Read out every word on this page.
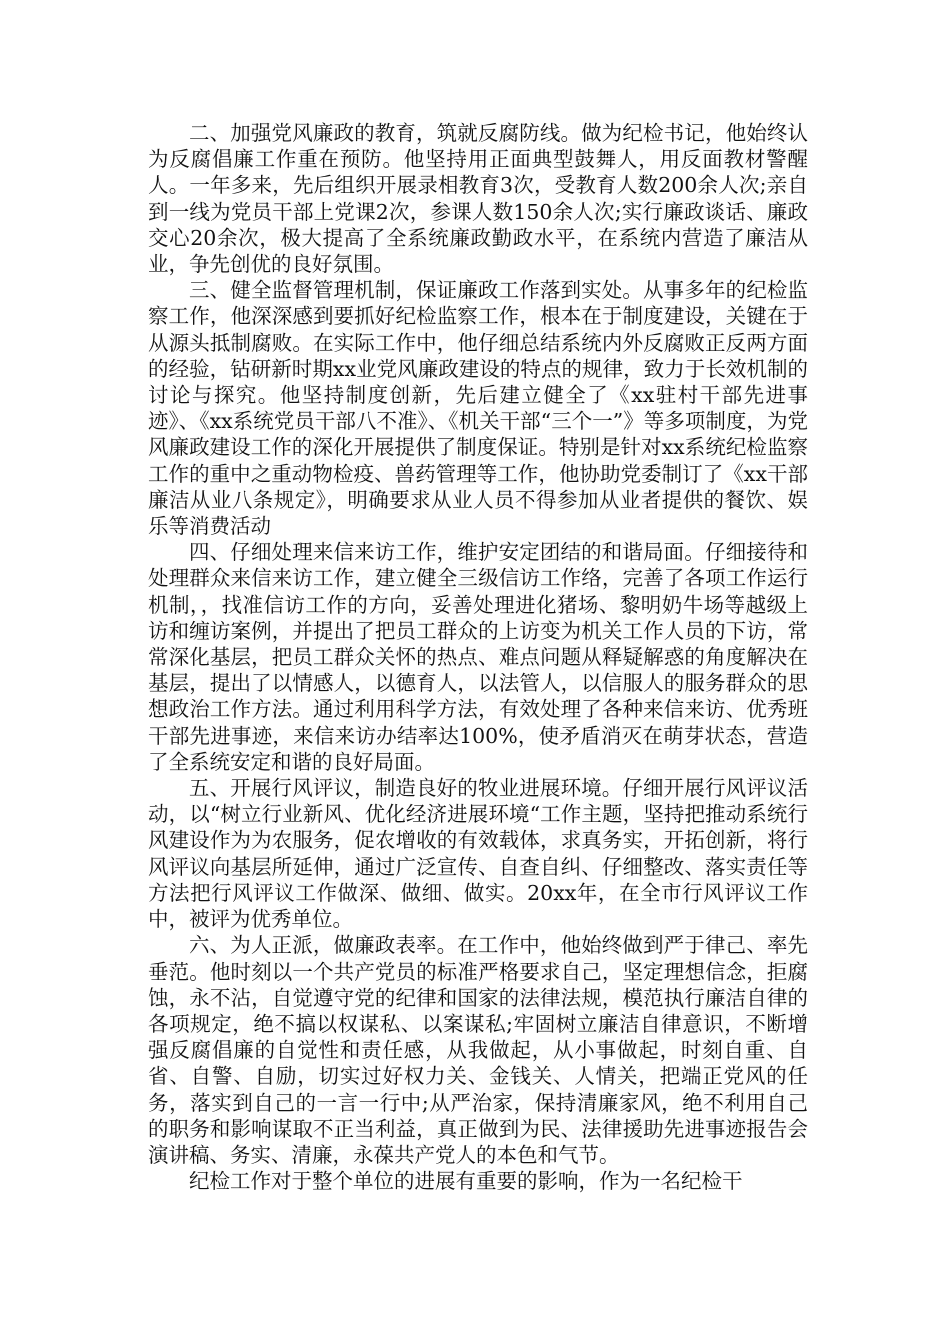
二、加强党风廉政的教育，筑就反腐防线。做为纪检书记，他始终认为反腐倡廉工作重在预防。他坚持用正面典型鼓舞人，用反面教材警醒人。一年多来，先后组织开展录相教育3次，受教育人数200余人次;亲自到一线为党员干部上党课2次，参课人数150余人次;实行廉政谈话、廉政交心20余次，极大提高了全系统廉政勤政水平，在系统内营造了廉洁从业，争先创优的良好氛围。

三、健全监督管理机制，保证廉政工作落到实处。从事多年的纪检监察工作，他深深感到要抓好纪检监察工作，根本在于制度建设，关键在于从源头抵制腐败。在实际工作中，他仔细总结系统内外反腐败正反两方面的经验，钻研新时期xx业党风廉政建设的特点的规律，致力于长效机制的讨论与探究。他坚持制度创新，先后建立健全了《xx驻村干部先进事迹》、《xx系统党员干部八不准》、《机关干部“三个一”》等多项制度，为党风廉政建设工作的深化开展提供了制度保证。特别是针对xx系统纪检监察工作的重中之重动物检疫、兽药管理等工作，他协助党委制订了《xx干部廉洁从业八条规定》，明确要求从业人员不得参加从业者提供的餐饮、娱乐等消费活动

四、仔细处理来信来访工作，维护安定团结的和谐局面。仔细接待和处理群众来信来访工作，建立健全三级信访工作络，完善了各项工作运行机制，，找准信访工作的方向，妥善处理进化猪场、黎明奶牛场等越级上访和缠访案例，并提出了把员工群众的上访变为机关工作人员的下访，常常深化基层，把员工群众关怀的热点、难点问题从释疑解惑的角度解决在基层，提出了以情感人，以德育人，以法管人，以信服人的服务群众的思想政治工作方法。通过利用科学方法，有效处理了各种来信来访、优秀班干部先进事迹，来信来访办结率达100%，使矛盾消灭在萌芽状态，营造了全系统安定和谐的良好局面。

五、开展行风评议，制造良好的牧业进展环境。仔细开展行风评议活动，以“树立行业新风、优化经济进展环境“工作主题，坚持把推动系统行风建设作为为农服务，促农增收的有效载体，求真务实，开拓创新，将行风评议向基层所延伸，通过广泛宣传、自查自纠、仔细整改、落实责任等方法把行风评议工作做深、做细、做实。20xx年，在全市行风评议工作中，被评为优秀单位。

六、为人正派，做廉政表率。在工作中，他始终做到严于律己、率先垂范。他时刻以一个共产党员的标准严格要求自己，坚定理想信念，拒腐蚀，永不沾，自觉遵守党的纪律和国家的法律法规，模范执行廉洁自律的各项规定，绝不搞以权谋私、以案谋私;牢固树立廉洁自律意识，不断增强反腐倡廉的自觉性和责任感，从我做起，从小事做起，时刻自重、自省、自警、自励，切实过好权力关、金钱关、人情关，把端正党风的任务，落实到自己的一言一行中;从严治家，保持清廉家风，绝不利用自己的职务和影响谋取不正当利益，真正做到为民、法律援助先进事迹报告会演讲稿、务实、清廉，永葆共产党人的本色和气节。

纪检工作对于整个单位的进展有重要的影响，作为一名纪检干
